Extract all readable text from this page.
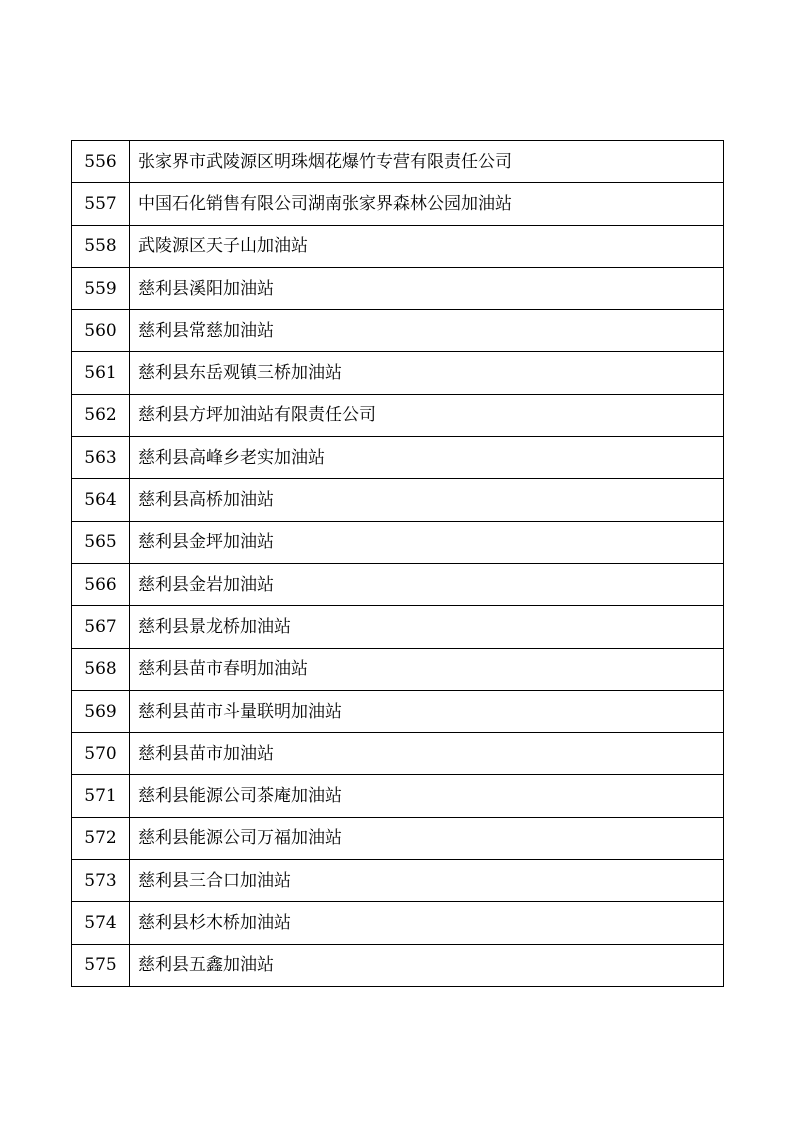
556	张家界市武陵源区明珠烟花爆竹专营有限责任公司
557	中国石化销售有限公司湖南张家界森林公园加油站
558	武陵源区天子山加油站
559	慈利县溪阳加油站
560	慈利县常慈加油站
561	慈利县东岳观镇三桥加油站
562	慈利县方坪加油站有限责任公司
563	慈利县高峰乡老实加油站
564	慈利县高桥加油站
565	慈利县金坪加油站
566	慈利县金岩加油站
567	慈利县景龙桥加油站
568	慈利县苗市春明加油站
569	慈利县苗市斗量联明加油站
570	慈利县苗市加油站
571	慈利县能源公司茶庵加油站
572	慈利县能源公司万福加油站
573	慈利县三合口加油站
574	慈利县杉木桥加油站
575	慈利县五鑫加油站
